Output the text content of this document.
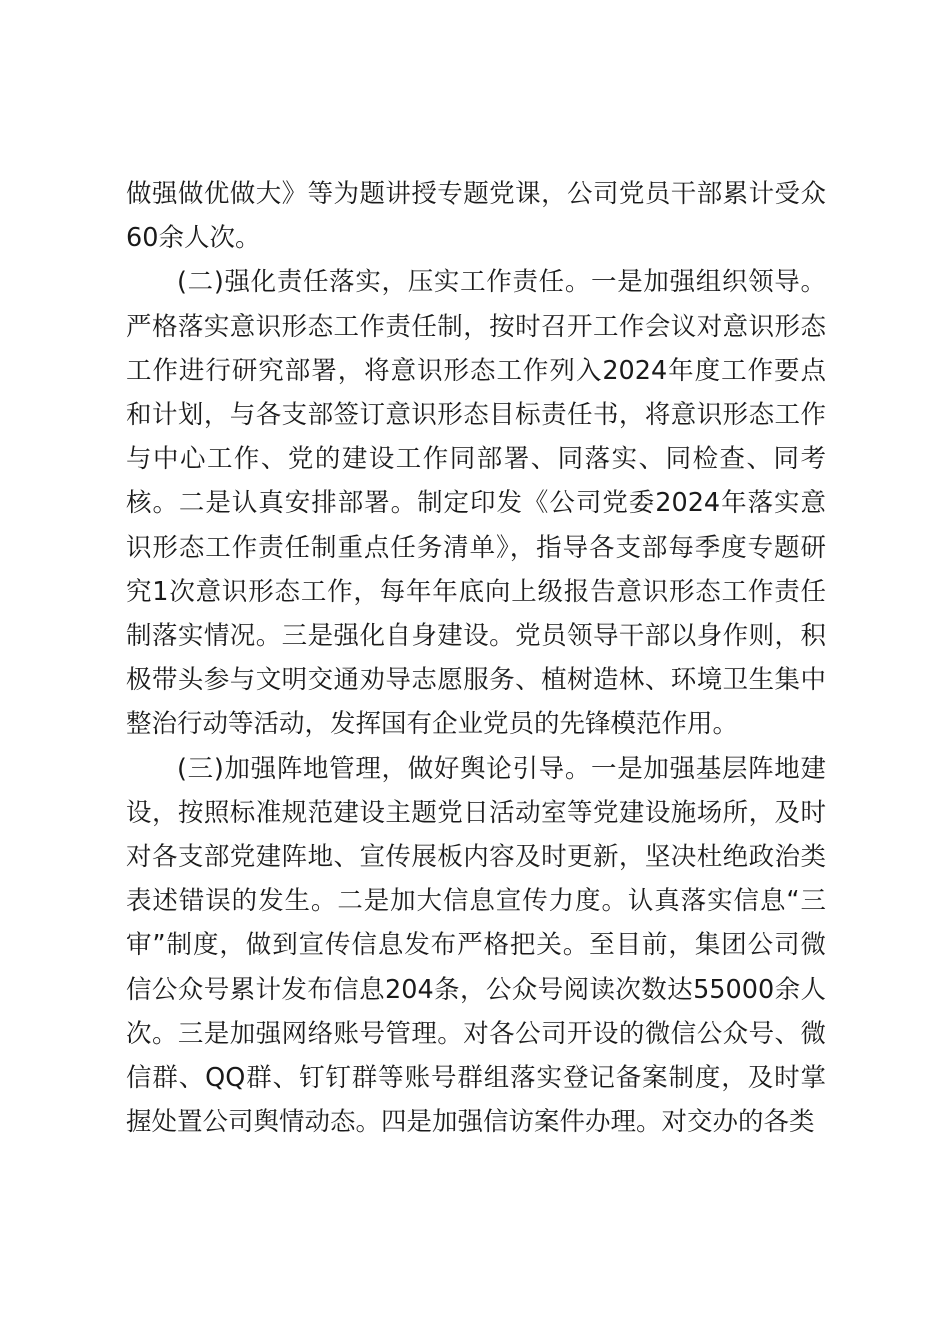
做强做优做大》等为题讲授专题党课，公司党员干部累计受众60余人次。

(二)强化责任落实，压实工作责任。一是加强组织领导。严格落实意识形态工作责任制，按时召开工作会议对意识形态工作进行研究部署，将意识形态工作列入2024年度工作要点和计划，与各支部签订意识形态目标责任书，将意识形态工作与中心工作、党的建设工作同部署、同落实、同检查、同考核。二是认真安排部署。制定印发《公司党委2024年落实意识形态工作责任制重点任务清单》，指导各支部每季度专题研究1次意识形态工作，每年年底向上级报告意识形态工作责任制落实情况。三是强化自身建设。党员领导干部以身作则，积极带头参与文明交通劝导志愿服务、植树造林、环境卫生集中整治行动等活动，发挥国有企业党员的先锋模范作用。

(三)加强阵地管理，做好舆论引导。一是加强基层阵地建设，按照标准规范建设主题党日活动室等党建设施场所，及时对各支部党建阵地、宣传展板内容及时更新，坚决杜绝政治类表述错误的发生。二是加大信息宣传力度。认真落实信息“三审”制度，做到宣传信息发布严格把关。至目前，集团公司微信公众号累计发布信息204条，公众号阅读次数达55000余人次。三是加强网络账号管理。对各公司开设的微信公众号、微信群、QQ群、钉钉群等账号群组落实登记备案制度，及时掌握处置公司舆情动态。四是加强信访案件办理。对交办的各类
